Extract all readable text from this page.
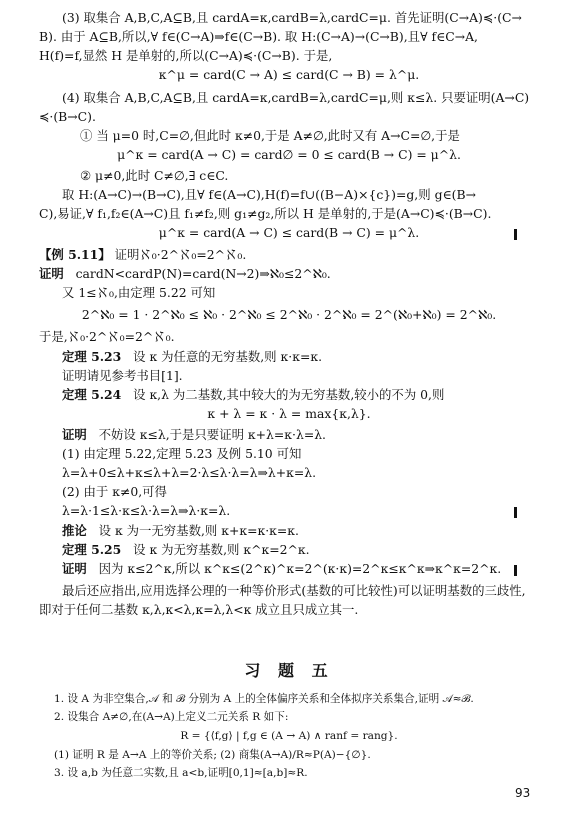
(3) 取集合 A,B,C,A⊆B,且 cardA=κ,cardB=λ,cardC=μ. 首先证明(C→A)≼·(C→
B). 由于 A⊆B,所以,∀ f∈(C→A)⇒f∈(C→B). 取 H:(C→A)→(C→B),且∀ f∈C→A,
H(f)=f,显然 H 是单射的,所以(C→A)≼·(C→B). 于是,
κ^μ = card(C → A) ≤ card(C → B) = λ^μ.
(4) 取集合 A,B,C,A⊆B,且 cardA=κ,cardB=λ,cardC=μ,则 κ≤λ. 只要证明(A→C)
≼·(B→C).
① 当 μ=0 时,C=∅,但此时 κ≠0,于是 A≠∅,此时又有 A→C=∅,于是
μ^κ = card(A → C) = card∅ = 0 ≤ card(B → C) = μ^λ.
② μ≠0,此时 C≠∅,∃ c∈C.
取 H:(A→C)→(B→C),且∀ f∈(A→C),H(f)=f∪((B−A)×{c})=g,则 g∈(B→
C),易证,∀ f₁,f₂∈(A→C)且 f₁≠f₂,则 g₁≠g₂,所以 H 是单射的,于是(A→C)≼·(B→C).
μ^κ = card(A → C) ≤ card(B → C) = μ^λ.
【例 5.11】 证明ℵ₀·2^ℵ₀=2^ℵ₀.
证明 cardN<cardP(N)=card(N→2)⇒ℵ₀≤2^ℵ₀.
又 1≤ℵ₀,由定理 5.22 可知
2^ℵ₀ = 1 · 2^ℵ₀ ≤ ℵ₀ · 2^ℵ₀ ≤ 2^ℵ₀ · 2^ℵ₀ = 2^(ℵ₀+ℵ₀) = 2^ℵ₀.
于是,ℵ₀·2^ℵ₀=2^ℵ₀.
定理 5.23 设 κ 为任意的无穷基数,则 κ·κ=κ.
证明请见参考书目[1].
定理 5.24 设 κ,λ 为二基数,其中较大的为无穷基数,较小的不为 0,则
κ + λ = κ · λ = max{κ,λ}.
证明 不妨设 κ≤λ,于是只要证明 κ+λ=κ·λ=λ.
(1) 由定理 5.22,定理 5.23 及例 5.10 可知
λ=λ+0≤λ+κ≤λ+λ=2·λ≤λ·λ=λ⇒λ+κ=λ.
(2) 由于 κ≠0,可得
λ=λ·1≤λ·κ≤λ·λ=λ⇒λ·κ=λ.
推论 设 κ 为一无穷基数,则 κ+κ=κ·κ=κ.
定理 5.25 设 κ 为无穷基数,则 κ^κ=2^κ.
证明 因为 κ≤2^κ,所以 κ^κ≤(2^κ)^κ=2^(κ·κ)=2^κ≤κ^κ⇒κ^κ=2^κ.
最后还应指出,应用选择公理的一种等价形式(基数的可比较性)可以证明基数的三歧性,
即对于任何二基数 κ,λ,κ<λ,κ=λ,λ<κ 成立且只成立其一.
习 题 五
1. 设 A 为非空集合,𝒜 和 ℬ 分别为 A 上的全体偏序关系和全体拟序关系集合,证明 𝒜≈ℬ.
2. 设集合 A≠∅,在(A→A)上定义二元关系 R 如下:
R = {⟨f,g⟩ | f,g ∈ (A → A) ∧ ranf = rang}.
(1) 证明 R 是 A→A 上的等价关系; (2) 商集(A→A)/R≈P(A)−{∅}.
3. 设 a,b 为任意二实数,且 a<b,证明[0,1]≈[a,b]≈R.
93
